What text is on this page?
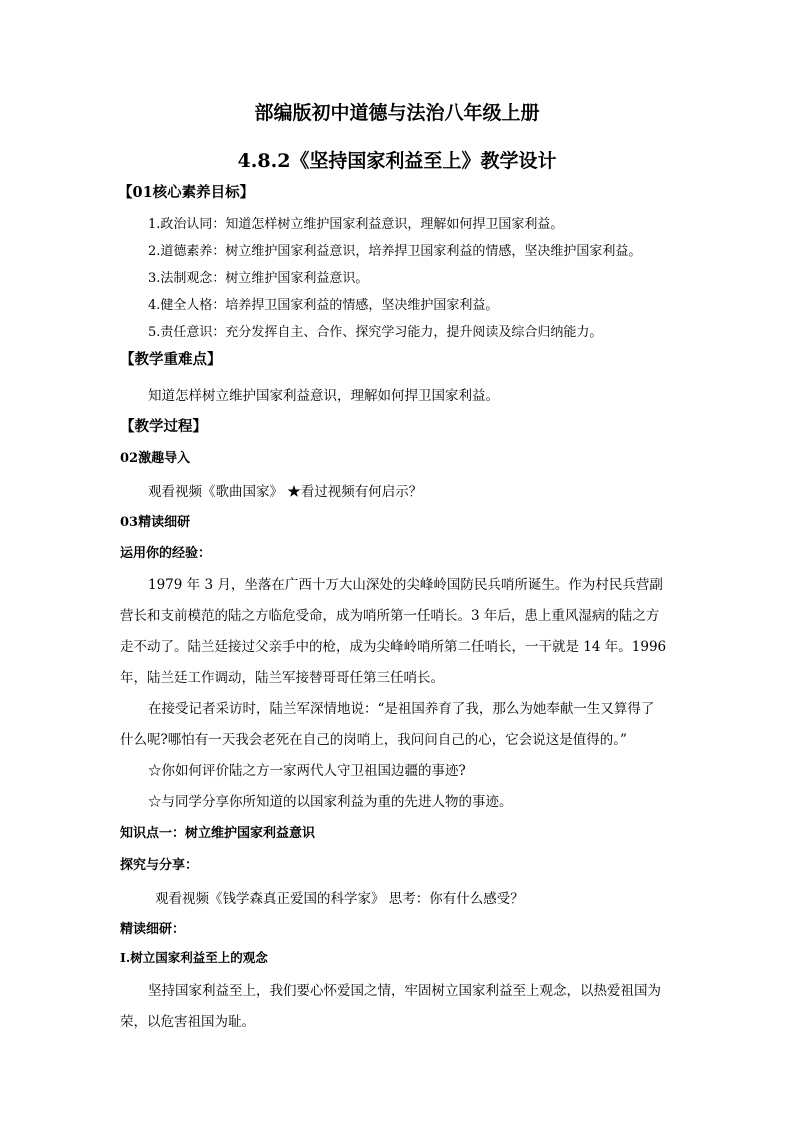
部编版初中道德与法治八年级上册
4.8.2《坚持国家利益至上》教学设计
【01核心素养目标】
1.政治认同：知道怎样树立维护国家利益意识，理解如何捍卫国家利益。
2.道德素养：树立维护国家利益意识，培养捍卫国家利益的情感，坚决维护国家利益。
3.法制观念：树立维护国家利益意识。
4.健全人格：培养捍卫国家利益的情感，坚决维护国家利益。
5.责任意识：充分发挥自主、合作、探究学习能力，提升阅读及综合归纳能力。
【教学重难点】
知道怎样树立维护国家利益意识，理解如何捍卫国家利益。
【教学过程】
02激趣导入
观看视频《歌曲国家》 ★看过视频有何启示？
03精读细研
运用你的经验：
1979 年 3 月，坐落在广西十万大山深处的尖峰岭国防民兵哨所诞生。作为村民兵营副
营长和支前模范的陆之方临危受命，成为哨所第一任哨长。3 年后，患上重风湿病的陆之方
走不动了。陆兰廷接过父亲手中的枪，成为尖峰岭哨所第二任哨长，一干就是 14 年。1996
年，陆兰廷工作调动，陆兰军接替哥哥任第三任哨长。
在接受记者采访时，陆兰军深情地说：“是祖国养育了我，那么为她奉献一生又算得了
什么呢?哪怕有一天我会老死在自己的岗哨上，我问问自己的心，它会说这是值得的。”
☆你如何评价陆之方一家两代人守卫祖国边疆的事迹?
☆与同学分享你所知道的以国家利益为重的先进人物的事迹。
知识点一：树立维护国家利益意识
探究与分享：
观看视频《钱学森真正爱国的科学家》 思考：你有什么感受？
精读细研：
Ⅰ.树立国家利益至上的观念
坚持国家利益至上，我们要心怀爱国之情，牢固树立国家利益至上观念，以热爱祖国为
荣，以危害祖国为耻。
